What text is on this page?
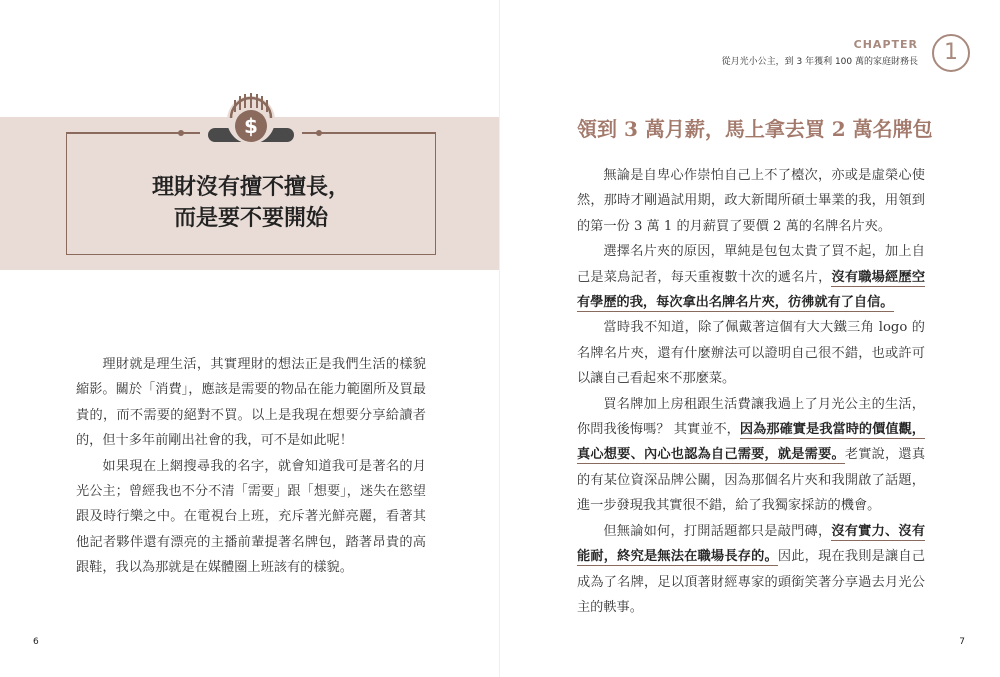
$
理財沒有擅不擅長，
而是要不要開始

理財就是理生活，其實理財的想法正是我們生活的樣貌縮影。關於「消費」，應該是需要的物品在能力範圍所及買最貴的，而不需要的絕對不買。以上是我現在想要分享給讀者的，但十多年前剛出社會的我，可不是如此呢！

如果現在上網搜尋我的名字，就會知道我可是著名的月光公主；曾經我也不分不清「需要」跟「想要」，迷失在慾望跟及時行樂之中。在電視台上班，充斥著光鮮亮麗，看著其他記者夥伴還有漂亮的主播前輩提著名牌包，踏著昂貴的高跟鞋，我以為那就是在媒體圈上班該有的樣貌。

6
CHAPTER
從月光小公主，到 3 年獲利 100 萬的家庭財務長	1
領到 3 萬月薪，馬上拿去買 2 萬名牌包

無論是自卑心作崇怕自己上不了檯次，亦或是虛榮心使然，那時才剛過試用期，政大新聞所碩士畢業的我，用領到的第一份 3 萬 1 的月薪買了要價 2 萬的名牌名片夾。

選擇名片夾的原因，單純是包包太貴了買不起，加上自己是菜鳥記者，每天重複數十次的遞名片，沒有職場經歷空有學歷的我，每次拿出名牌名片夾，彷彿就有了自信。

當時我不知道，除了佩戴著這個有大大鐵三角 logo 的名牌名片夾，還有什麼辦法可以證明自己很不錯，也或許可以讓自己看起來不那麼菜。

買名牌加上房租跟生活費讓我過上了月光公主的生活，你問我後悔嗎？ 其實並不，因為那確實是我當時的價值觀，真心想要、內心也認為自己需要，就是需要。老實說，還真的有某位資深品牌公關，因為那個名片夾和我開啟了話題，進一步發現我其實很不錯，給了我獨家採訪的機會。

但無論如何，打開話題都只是敲門磚，沒有實力、沒有能耐，終究是無法在職場長存的。因此，現在我則是讓自己成為了名牌，足以頂著財經專家的頭銜笑著分享過去月光公主的軼事。

7
